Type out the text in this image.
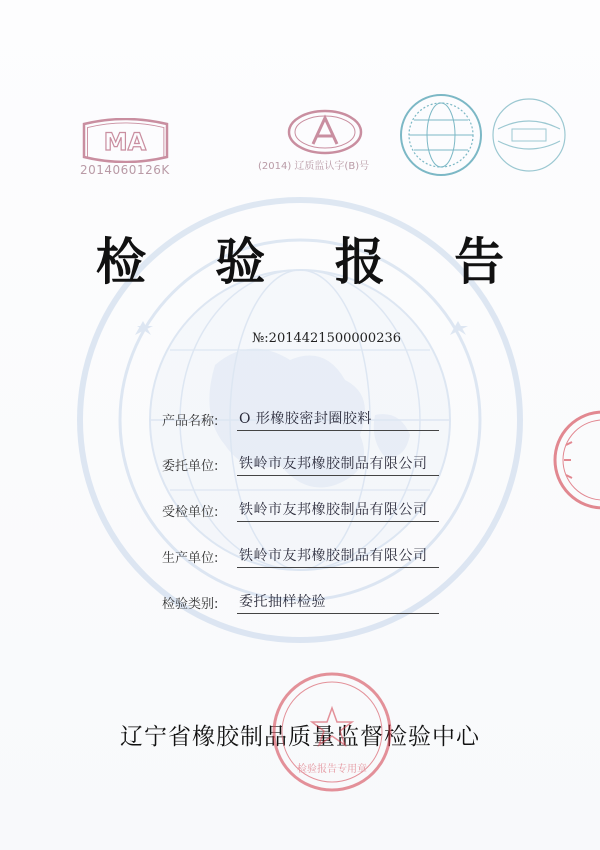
MA
2014060126K	(2014) 辽质监认字(B)号
检 验 报 告
№:2014421500000236
产品名称: O 形橡胶密封圈胶料
委托单位: 铁岭市友邦橡胶制品有限公司
受检单位: 铁岭市友邦橡胶制品有限公司
生产单位: 铁岭市友邦橡胶制品有限公司
检验类别: 委托抽样检验
辽宁省橡胶制品质量监督检验中心
检验报告专用章
